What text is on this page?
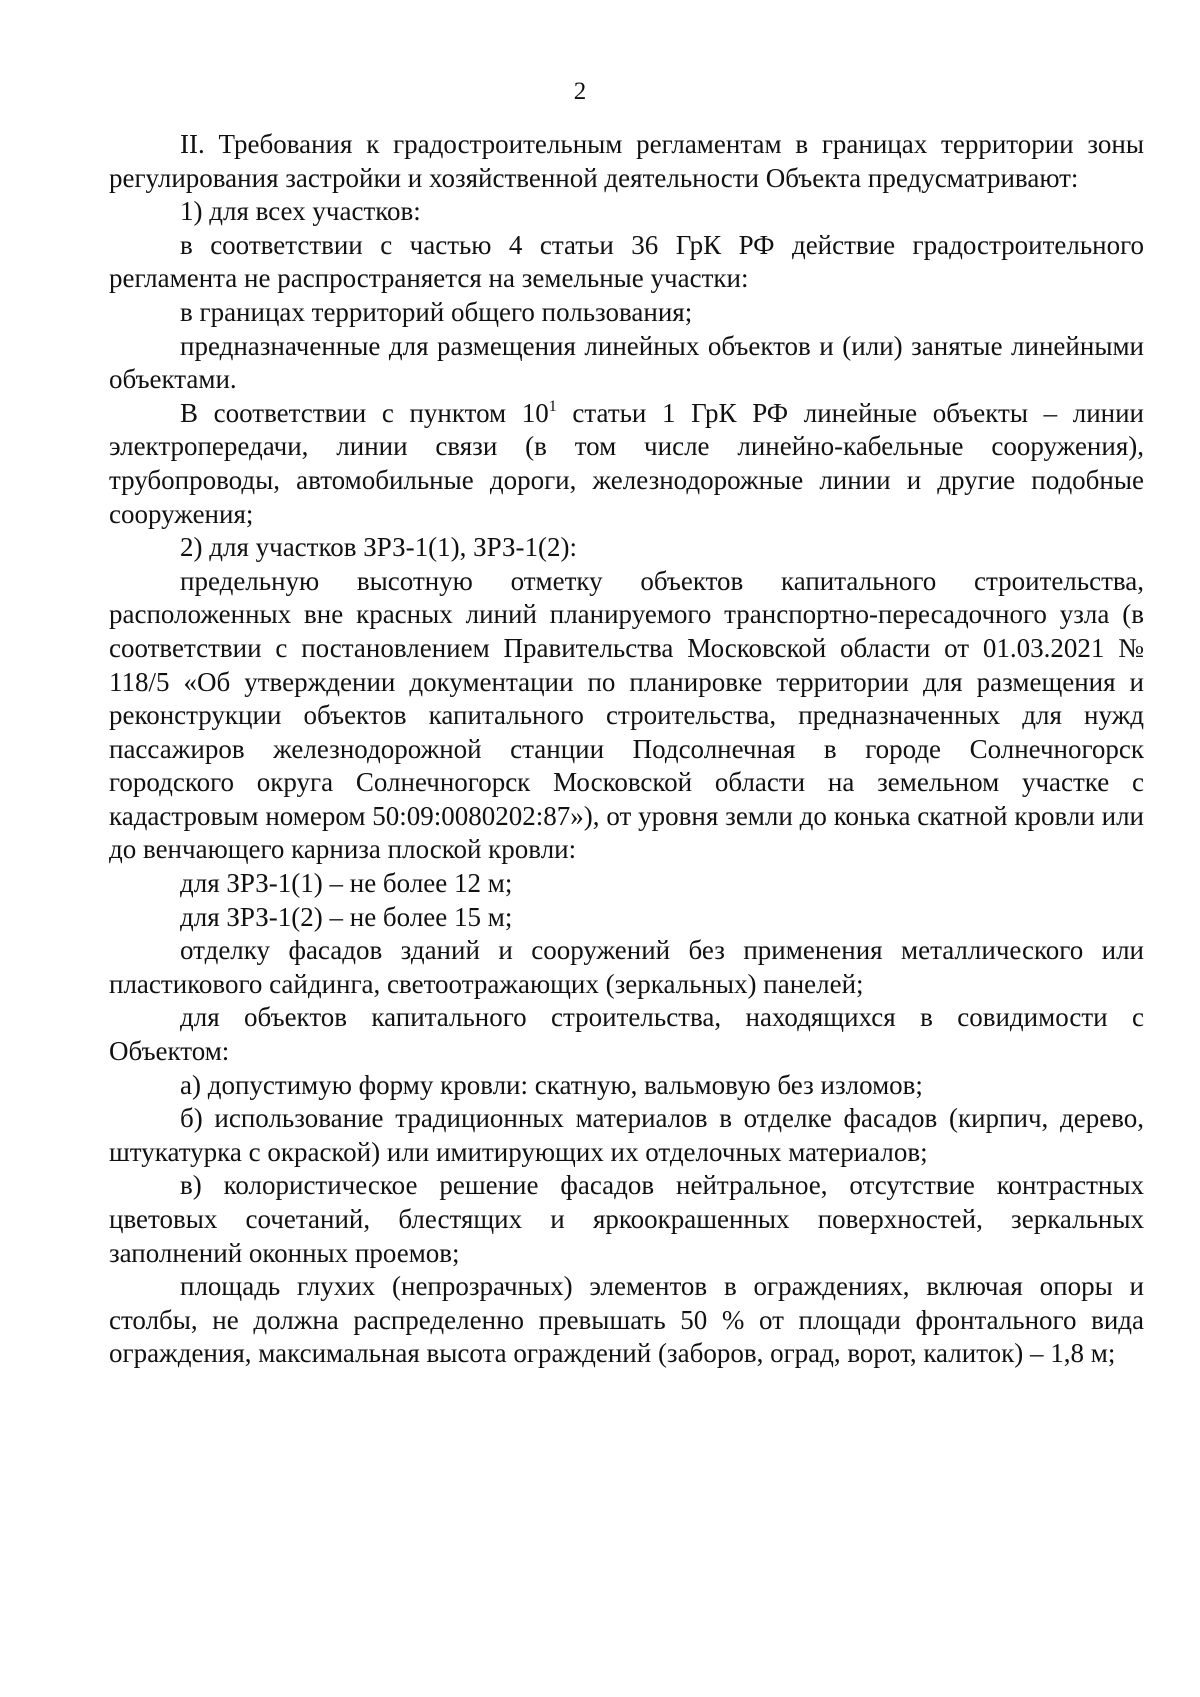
2

II. Требования к градостроительным регламентам в границах территории зоны регулирования застройки и хозяйственной деятельности Объекта предусматривают:

1) для всех участков:

в соответствии с частью 4 статьи 36 ГрК РФ действие градостроительного регламента не распространяется на земельные участки:

в границах территорий общего пользования;

предназначенные для размещения линейных объектов и (или) занятые линейными объектами.

В соответствии с пунктом $10^1$ статьи 1 ГрК РФ линейные объекты – линии электропередачи, линии связи (в том числе линейно-кабельные сооружения), трубопроводы, автомобильные дороги, железнодорожные линии и другие подобные сооружения;

2) для участков ЗРЗ-1(1), ЗРЗ-1(2):

предельную высотную отметку объектов капитального строительства, расположенных вне красных линий планируемого транспортно-пересадочного узла (в соответствии с постановлением Правительства Московской области от 01.03.2021 № 118/5 «Об утверждении документации по планировке территории для размещения и реконструкции объектов капитального строительства, предназначенных для нужд пассажиров железнодорожной станции Подсолнечная в городе Солнечногорск городского округа Солнечногорск Московской области на земельном участке с кадастровым номером 50:09:0080202:87»), от уровня земли до конька скатной кровли или до венчающего карниза плоской кровли:

для ЗРЗ-1(1) – не более 12 м;

для ЗРЗ-1(2) – не более 15 м;

отделку фасадов зданий и сооружений без применения металлического или пластикового сайдинга, светоотражающих (зеркальных) панелей;

для объектов капитального строительства, находящихся в совидимости с Объектом:

а) допустимую форму кровли: скатную, вальмовую без изломов;

б) использование традиционных материалов в отделке фасадов (кирпич, дерево, штукатурка с окраской) или имитирующих их отделочных материалов;

в) колористическое решение фасадов нейтральное, отсутствие контрастных цветовых сочетаний, блестящих и яркоокрашенных поверхностей, зеркальных заполнений оконных проемов;

площадь глухих (непрозрачных) элементов в ограждениях, включая опоры и столбы, не должна распределенно превышать 50 % от площади фронтального вида ограждения, максимальная высота ограждений (заборов, оград, ворот, калиток) – 1,8 м;
